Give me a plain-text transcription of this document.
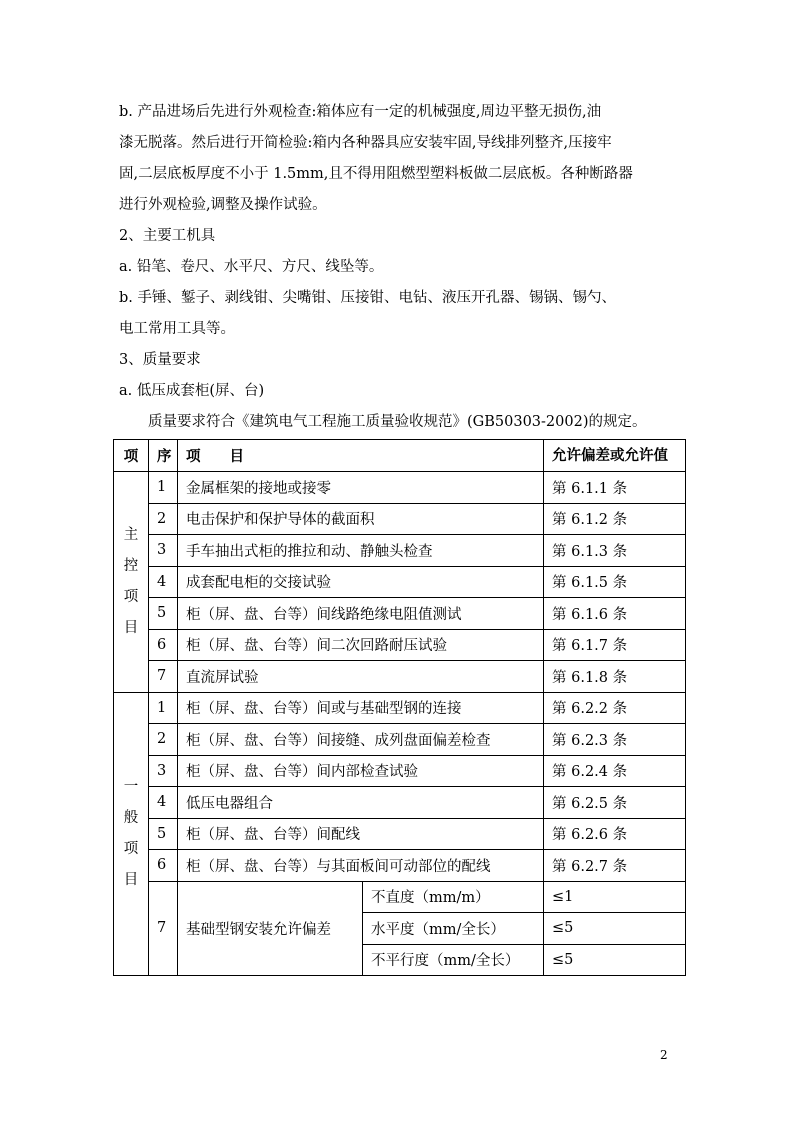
b. 产品进场后先进行外观检查:箱体应有一定的机械强度,周边平整无损伤,油
漆无脱落。然后进行开简检验:箱内各种器具应安装牢固,导线排列整齐,压接牢
固,二层底板厚度不小于 1.5mm,且不得用阻燃型塑料板做二层底板。各种断路器
进行外观检验,调整及操作试验。
2、主要工机具
a. 铅笔、卷尺、水平尺、方尺、线坠等。
b. 手锤、錾子、剥线钳、尖嘴钳、压接钳、电钻、液压开孔器、锡锅、锡勺、
电工常用工具等。
3、质量要求
a. 低压成套柜(屏、台)
质量要求符合《建筑电气工程施工质量验收规范》(GB50303-2002)的规定。
项	序	项　　目		允许偏差或允许值
主
控
项
目	1	金属框架的接地或接零		第 6.1.1 条
	2	电击保护和保护导体的截面积		第 6.1.2 条
	3	手车抽出式柜的推拉和动、静触头检查		第 6.1.3 条
	4	成套配电柜的交接试验		第 6.1.5 条
	5	柜（屏、盘、台等）间线路绝缘电阻值测试		第 6.1.6 条
	6	柜（屏、盘、台等）间二次回路耐压试验		第 6.1.7 条
	7	直流屏试验		第 6.1.8 条
一
般
项
目	1	柜（屏、盘、台等）间或与基础型钢的连接		第 6.2.2 条
	2	柜（屏、盘、台等）间接缝、成列盘面偏差检查		第 6.2.3 条
	3	柜（屏、盘、台等）间内部检查试验		第 6.2.4 条
	4	低压电器组合		第 6.2.5 条
	5	柜（屏、盘、台等）间配线		第 6.2.6 条
	6	柜（屏、盘、台等）与其面板间可动部位的配线		第 6.2.7 条
	7	基础型钢安装允许偏差	不直度（mm/m）	≤1
			水平度（mm/全长）	≤5
			不平行度（mm/全长）	≤5
2
